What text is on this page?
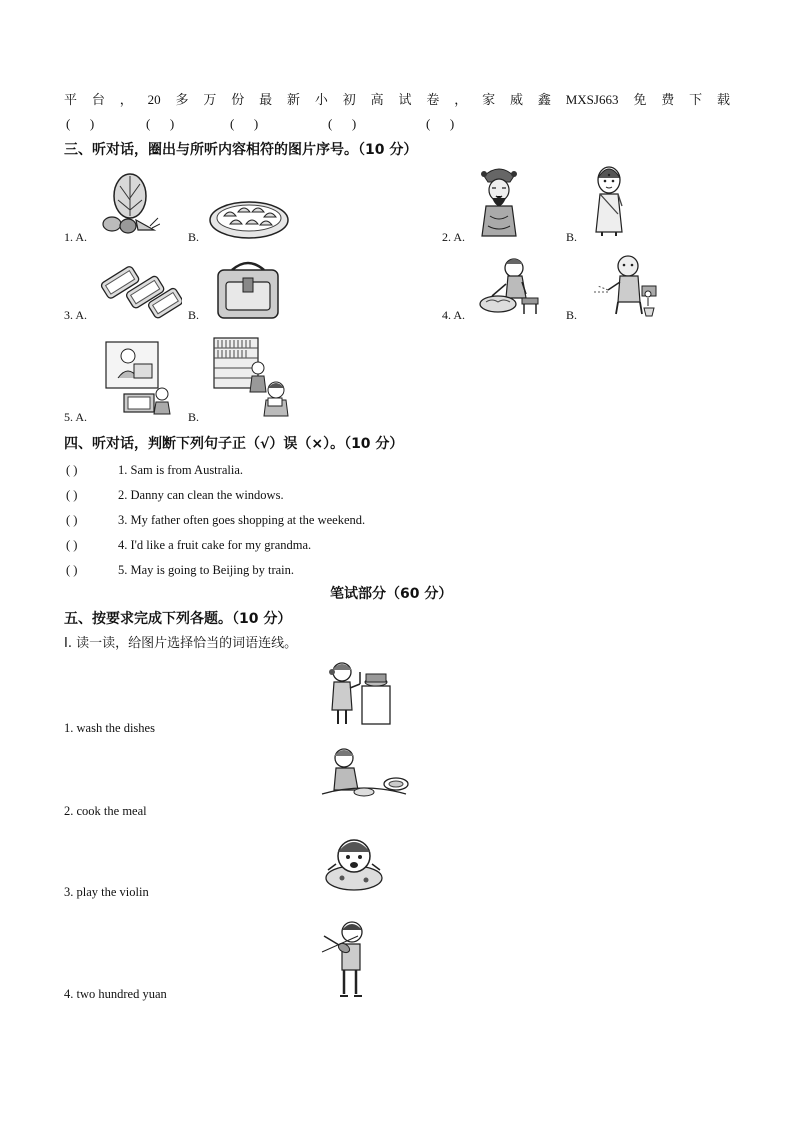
平 台 ， 20 多 万 份 最 新 小 初 高 试 卷 ， 家 威 鑫 MXSJ663 免 费 下 载
(      )	(      )	(      )	(      )	(      )
三、听对话，圈出与所听内容相符的图片序号。（10 分）
1. A.	B.	2. A.	B.
3. A.	B.	4. A.	B.
5. A.	B.
四、听对话，判断下列句子正（√）误（×）。（10 分）
( )	1. Sam is from Australia.
( )	2. Danny can clean the windows.
( )	3. My father often goes shopping at the weekend.
( )	4. I'd like a fruit cake for my grandma.
( )	5. May is going to Beijing by train.
笔试部分（60 分）
五、按要求完成下列各题。（10 分）
I. 读一读，给图片选择恰当的词语连线。
1. wash the dishes
2. cook the meal
3. play the violin
4. two hundred yuan
